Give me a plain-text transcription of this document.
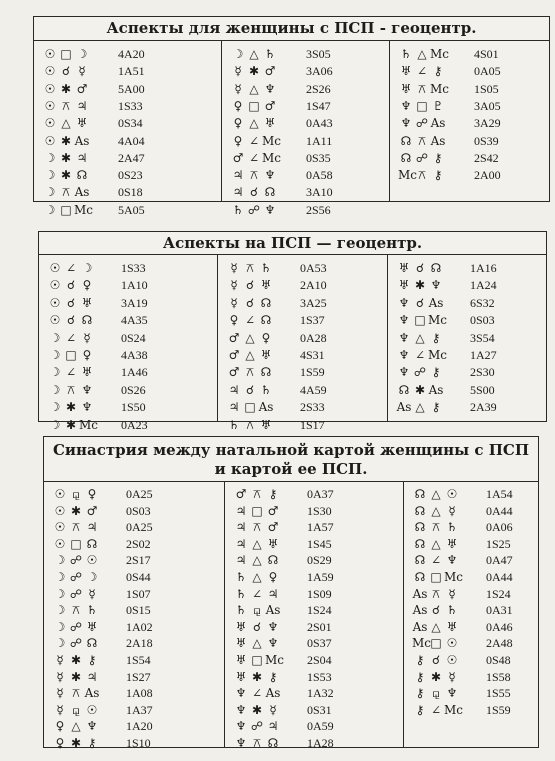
Аспекты для женщины с ПСП - геоцентр.
☉ □ ☽	4A20
☉ ☌ ☿	1A51
☉ ✱ ♂	5A00
☉ ⚻ ♃	1S33
☉ △ ♅	0S34
☉ ✱ As 4A04
☽ ✱ ♃	2A47
☽ ✱ ☊	0S23
☽ ⚻ As 0S18
☽ □ Mc 5A05
☽ △ ♄	3S05
☿ ✱ ♂	3A06
☿ △ ♆	2S26
♀ □ ♂	1S47
♀ △ ♅	0A43
♀ ∠ Mc 1A11
♂ ∠ Mc 0S35
♃ ⚻ ♆	0A58
♃ ☌ ☊	3A10
♄ ☍ ♆	2S56
♄ △ Mc 4S01
♅ ∠ ⚷	0A05
♅ ⚻ Mc 1S05
♆ □ ♇	3A05
♆ ☍ As 3A29
☊ ⚻ As 0S39
☊ ☍ ⚷	2S42
Mc⚻ ⚷	2A00
Аспекты на ПСП — геоцентр.
☉ ∠ ☽ 1S33
☉ ☌ ♀ 1A10
☉ ☌ ♅ 3A19
☉ ☌ ☊ 4A35
☽ ∠ ☿	0S24
☽ □ ♀ 4A38
☽ ∠ ♅ 1A46
☽ ⚻ ♆ 0S26
☽ ✱ ♆ 1S50
☽ ✱ Mc 0A23
☿ ⚻ ♄ 0A53
☿ ☌ ♅ 2A10
☿ ☌ ☊ 3A25
♀ ∠ ☊ 1S37
♂ △ ♀ 0A28
♂ △ ♅ 4S31
♂ ⚻ ☊ 1S59
♃ ☌ ♄ 4A59
♃ □ As 2S33
♄ ⚻ ♅ 1S17
♅ ☌ ☊ 1A16
♅ ✱ ♆ 1A24
♆ ☌ As 6S32
♆ □ Mc 0S03
♆ △ ⚷ 3S54
♆ ∠ Mc 1A27
♆ ☍ ⚷ 2S30
☊ ✱ As 5S00
As △ ⚷ 2A39
Синастрия между натальной картой женщины с ПСП и картой ее ПСП.
☉ ⚼ ♀ 0A25
☉ ✱ ♂ 0S03
☉ ⚻ ♃ 0A25
☉ □ ☊ 2S02
☽ ☍ ☉ 2S17
☽ ☍ ☽ 0S44
☽ ☍ ☿	1S07
☽ ⚻ ♄ 0S15
☽ ☍ ♅ 1A02
☽ ☍ ☊ 2A18
☿ ✱ ⚷ 1S54
☿ ✱ ♃ 1S27
☿ ⚻ As 1A08
☿ ⚼ ☉ 1A37
♀ △ ♆ 1A20
♀ ✱ ⚷ 1S10
♂ ⚻ ⚷ 0A37
♃ □ ♂ 1S30
♃ ⚻ ♂ 1A57
♃ △ ♅ 1S45
♃ △ ☊ 0S29
♄ △ ♀ 1A59
♄ ∠ ♃ 1S09
♄ ⚼ As 1S24
♅ ☌ ♆ 2S01
♅ △ ♆ 0S37
♅ □ Mc 2S04
♅ ✱ ⚷ 1S53
♆ ∠ As 1A32
♆ ✱ ☿	0S31
♆ ☍ ♃ 0A59
♆ ⚻ ☊ 1A28
☊ △ ☉ 1A54
☊ △ ☿	0A44
☊ ⚻ ♄ 0A06
☊ △ ♅ 1S25
☊ ∠ ♆ 0A47
☊ □ Mc 0A44
As ⚻ ☿	1S24
As ☌ ♄ 0A31
As △ ♅ 0A46
Mc□ ☉ 2A48
⚷ ☌ ☉ 0S48
⚷ ✱ ☿	1S58
⚷ ⚼ ♆ 1S55
⚷ ∠ Mc 1S59
